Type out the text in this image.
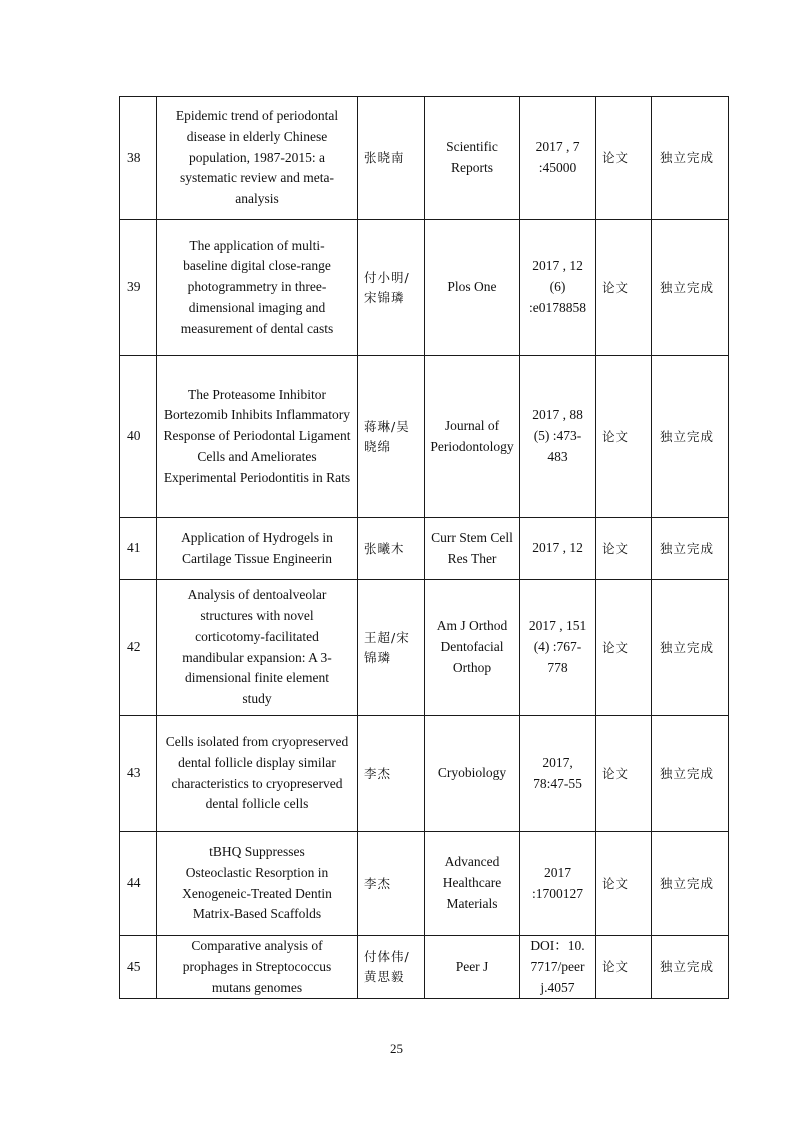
38	Epidemic trend of periodontal disease in elderly Chinese population, 1987-2015: a systematic review and meta-analysis	张晓南	Scientific Reports	2017 , 7 :45000	论文	独立完成
39	The application of multi-baseline digital close-range photogrammetry in three-dimensional imaging and measurement of dental casts	付小明/宋锦璘	Plos One	2017 , 12 (6) :e0178858	论文	独立完成
40	The Proteasome Inhibitor Bortezomib Inhibits Inflammatory Response of Periodontal Ligament Cells and Ameliorates Experimental Periodontitis in Rats	蒋琳/吴晓绵	Journal of Periodontology	2017 , 88 (5) :473-483	论文	独立完成
41	Application of Hydrogels in Cartilage Tissue Engineerin	张曦木	Curr Stem Cell Res Ther	2017 , 12	论文	独立完成
42	Analysis of dentoalveolar structures with novel corticotomy-facilitated mandibular expansion: A 3-dimensional finite element study	王超/宋锦璘	Am J Orthod Dentofacial Orthop	2017 , 151 (4) :767-778	论文	独立完成
43	Cells isolated from cryopreserved dental follicle display similar characteristics to cryopreserved dental follicle cells	李杰	Cryobiology	2017, 78:47-55	论文	独立完成
44	tBHQ Suppresses Osteoclastic Resorption in Xenogeneic‐Treated Dentin Matrix‐Based Scaffolds	李杰	Advanced Healthcare Materials	2017 :1700127	论文	独立完成
45	Comparative analysis of prophages in Streptococcus mutans genomes	付体伟/黄思毅	Peer J	DOI：10.7717/peerj.4057	论文	独立完成
25
